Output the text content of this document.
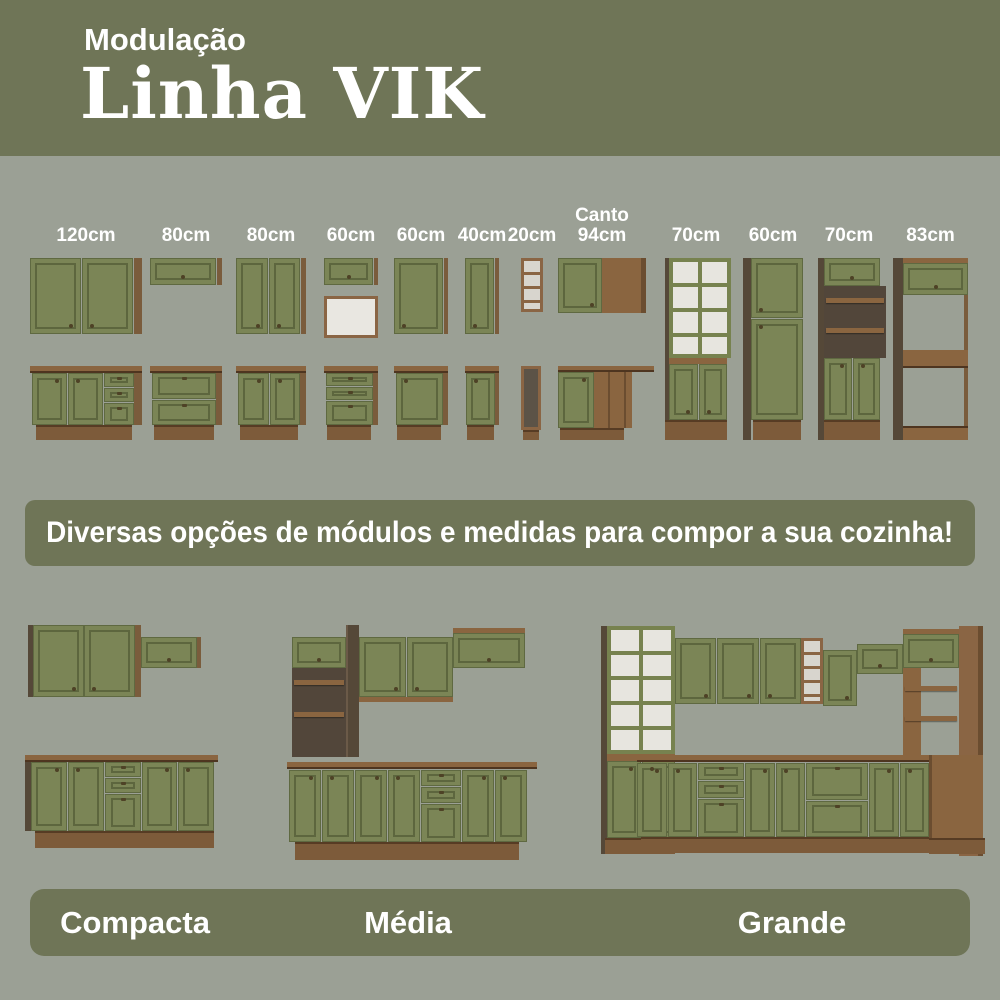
Modulação
Linha VIK
120cm	80cm	80cm	60cm	60cm 40cm 20cm
Canto
94cm	70cm	60cm	70cm	83cm
Diversas opções de módulos e medidas para compor a sua cozinha!
Compacta	Média	Grande
